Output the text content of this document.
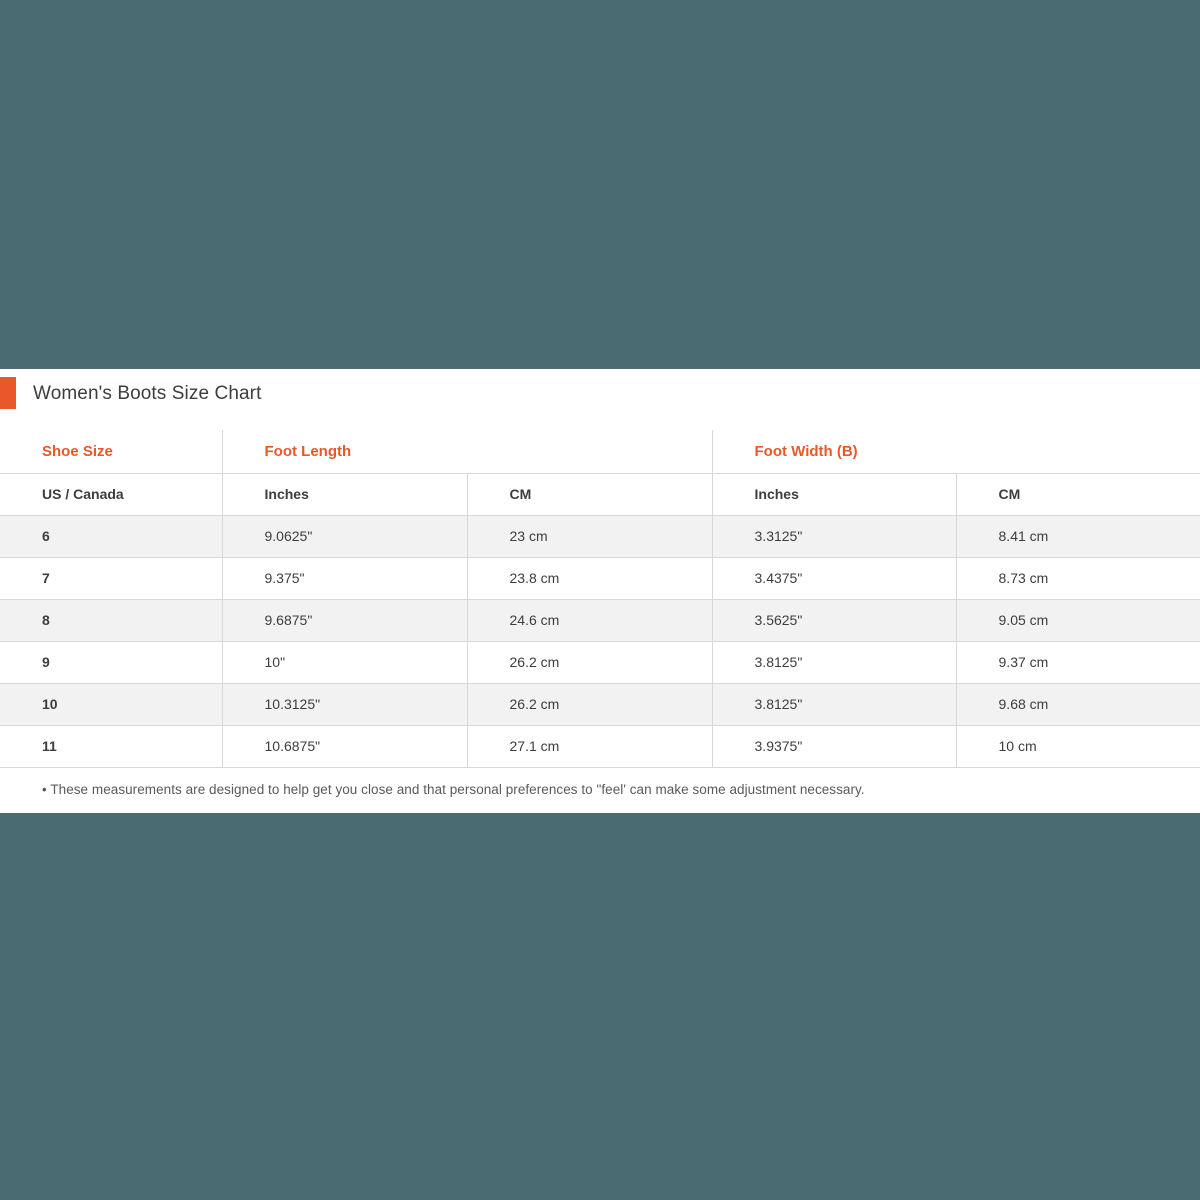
Women's Boots Size Chart
Shoe Size	Foot Length		Foot Width (B)	
US / Canada	Inches	CM	Inches	CM
6	9.0625"	23 cm	3.3125"	8.41 cm
7	9.375"	23.8 cm	3.4375"	8.73 cm
8	9.6875"	24.6 cm	3.5625"	9.05 cm
9	10"	26.2 cm	3.8125"	9.37 cm
10	10.3125"	26.2 cm	3.8125"	9.68 cm
11	10.6875"	27.1 cm	3.9375"	10 cm
• These measurements are designed to help get you close and that personal preferences to "feel' can make some adjustment necessary.
